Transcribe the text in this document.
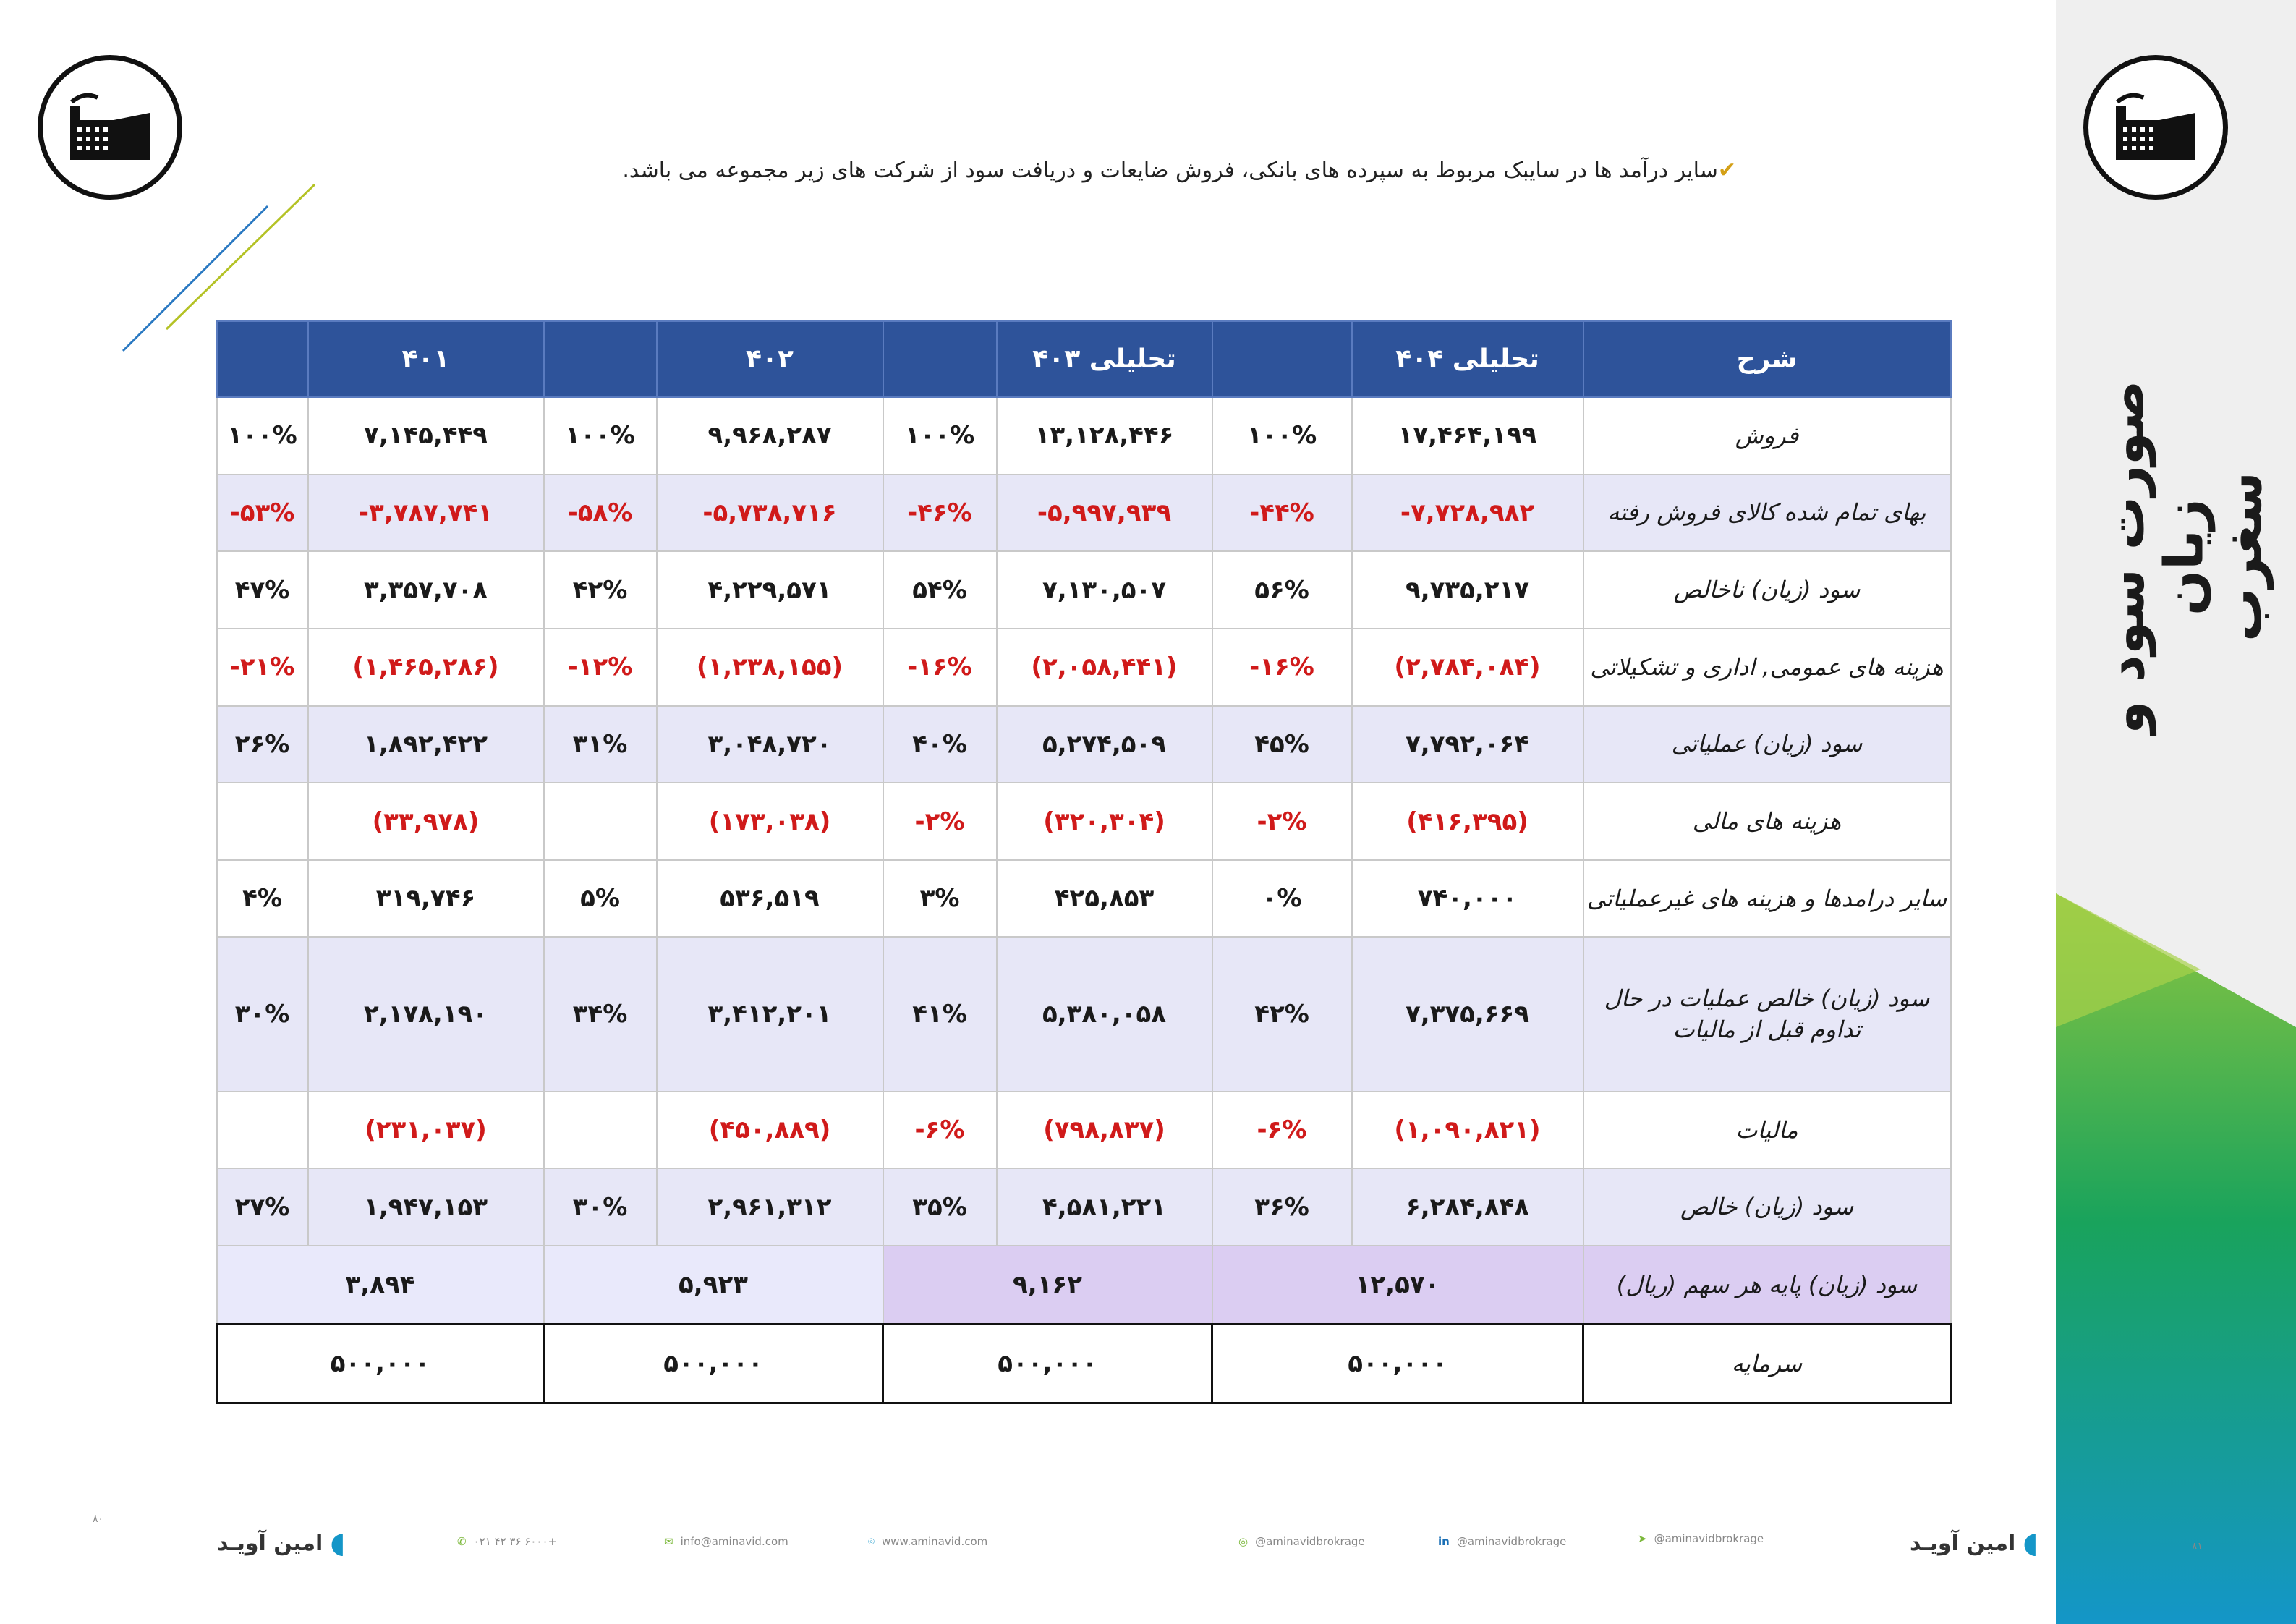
صورت سود و زیان
سغرب
✔سایر درآمد ها در سایبک مربوط به سپرده های بانکی، فروش ضایعات و دریافت سود از شرکت های زیر مجموعه می باشد.
	۴۰۱		۴۰۲		تحلیلی ۴۰۳		تحلیلی ۴۰۴	شرح
۱۰۰%	۷,۱۴۵,۴۴۹	۱۰۰%	۹,۹۶۸,۲۸۷	۱۰۰%	۱۳,۱۲۸,۴۴۶	۱۰۰%	۱۷,۴۶۴,۱۹۹	فروش
-۵۳%	-۳,۷۸۷,۷۴۱	-۵۸%	-۵,۷۳۸,۷۱۶	-۴۶%	-۵,۹۹۷,۹۳۹	-۴۴%	-۷,۷۲۸,۹۸۲	بهای تمام شده کالای فروش رفته
۴۷%	۳,۳۵۷,۷۰۸	۴۲%	۴,۲۲۹,۵۷۱	۵۴%	۷,۱۳۰,۵۰۷	۵۶%	۹,۷۳۵,۲۱۷	سود (زیان) ناخالص
-۲۱%	(۱,۴۶۵,۲۸۶)	-۱۲%	(۱,۲۳۸,۱۵۵)	-۱۶%	(۲,۰۵۸,۴۴۱)	-۱۶%	(۲,۷۸۴,۰۸۴)	هزینه های عمومی, اداری و تشکیلاتی
۲۶%	۱,۸۹۲,۴۲۲	۳۱%	۳,۰۴۸,۷۲۰	۴۰%	۵,۲۷۴,۵۰۹	۴۵%	۷,۷۹۲,۰۶۴	سود (زیان) عملیاتی
	(۳۳,۹۷۸)		(۱۷۳,۰۳۸)	-۲%	(۳۲۰,۳۰۴)	-۲%	(۴۱۶,۳۹۵)	هزینه های مالی
۴%	۳۱۹,۷۴۶	۵%	۵۳۶,۵۱۹	۳%	۴۲۵,۸۵۳	۰%	۷۴۰,۰۰۰	سایر درامدها و هزینه های غیرعملیاتی
۳۰%	۲,۱۷۸,۱۹۰	۳۴%	۳,۴۱۲,۲۰۱	۴۱%	۵,۳۸۰,۰۵۸	۴۲%	۷,۳۷۵,۶۶۹	سود (زیان) خالص عملیات در حال تداوم قبل از مالیات
	(۲۳۱,۰۳۷)		(۴۵۰,۸۸۹)	-۶%	(۷۹۸,۸۳۷)	-۶%	(۱,۰۹۰,۸۲۱)	مالیات
۲۷%	۱,۹۴۷,۱۵۳	۳۰%	۲,۹۶۱,۳۱۲	۳۵%	۴,۵۸۱,۲۲۱	۳۶%	۶,۲۸۴,۸۴۸	سود (زیان) خالص
۳,۸۹۴		۵,۹۲۳		۹,۱۶۲		۱۲,۵۷۰		سود (زیان) پایه هر سهم (ریال)
۵۰۰,۰۰۰		۵۰۰,۰۰۰		۵۰۰,۰۰۰		۵۰۰,۰۰۰		سرمایه
۸۰
امین آویـد ◖	✆ ۰۲۱ ۴۲ ۳۶ ۶۰۰۰+	✉ info@aminavid.com	⌾ www.aminavid.com	◎ @aminavidbrokrage	in @aminavidbrokrage	➤ @aminavidbrokrage	امین آویـد ◖	۸۱
